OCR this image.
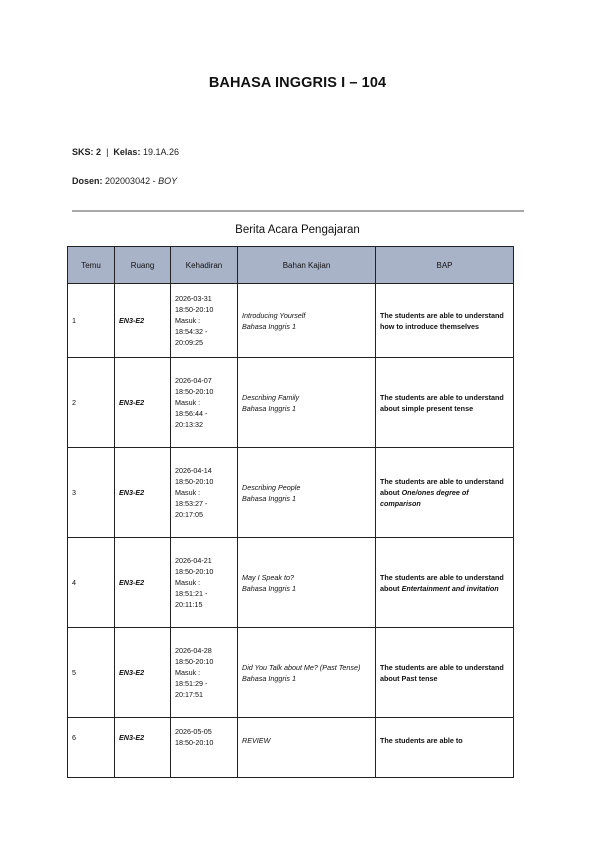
BAHASA INGGRIS I – 104
SKS: 2  |  Kelas: 19.1A.26
Dosen: 202003042 - BOY
Berita Acara Pengajaran
Temu	Ruang	Kehadiran	Bahan Kajian	BAP
1	EN3-E2	2026-03-31
18:50-20:10
Masuk :
18:54:32 -
20:09:25	Introducing Yourself
Bahasa Inggris 1	The students are able to understand how to introduce themselves
2	EN3-E2	2026-04-07
18:50-20:10
Masuk :
18:56:44 -
20:13:32	Describing Family
Bahasa Inggris 1	The students are able to understand about simple present tense
3	EN3-E2	2026-04-14
18:50-20:10
Masuk :
18:53:27 -
20:17:05	Describing People
Bahasa Inggris 1	The students are able to understand about One/ones degree of comparison
4	EN3-E2	2026-04-21
18:50-20:10
Masuk :
18:51:21 -
20:11:15	May I Speak to?
Bahasa Inggris 1	The students are able to understand about Entertainment and invitation
5	EN3-E2	2026-04-28
18:50-20:10
Masuk :
18:51:29 -
20:17:51	Did You Talk about Me? (Past Tense)
Bahasa Inggris 1	The students are able to understand about Past tense
6	EN3-E2	2026-05-05
18:50-20:10	REVIEW	The students are able to
